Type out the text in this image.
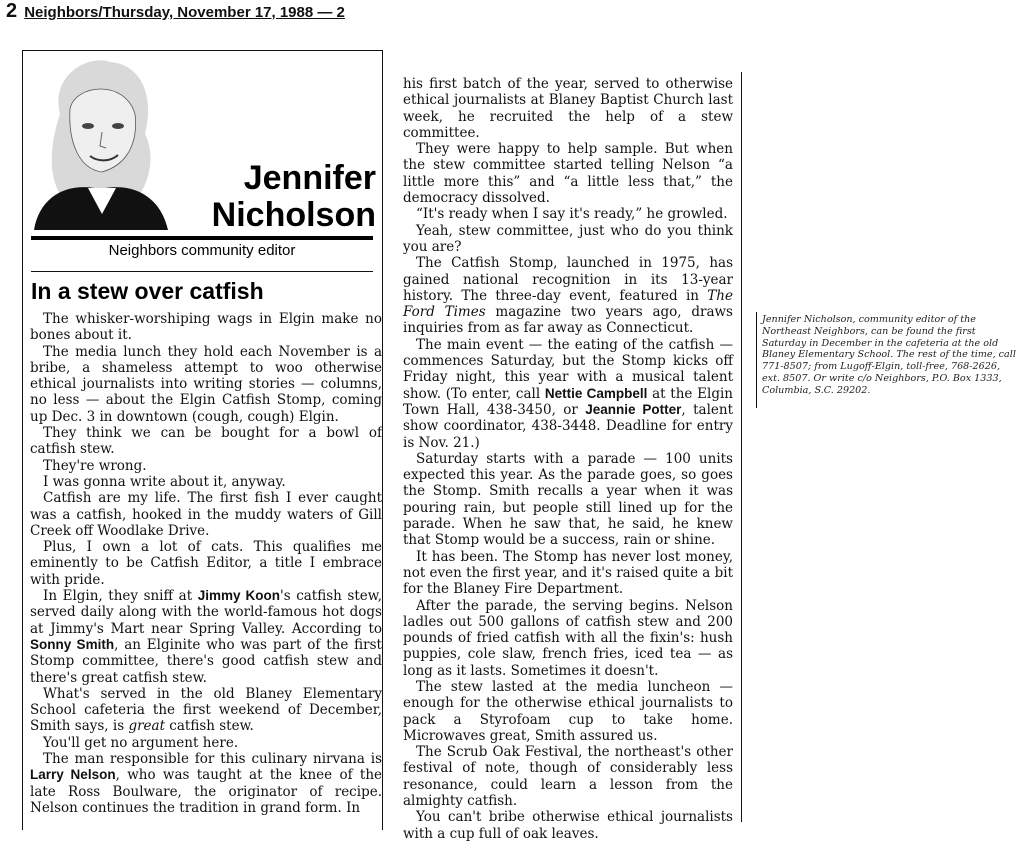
2 Neighbors/Thursday, November 17, 1988 — 2
Jennifer
Nicholson
Neighbors community editor
In a stew over catfish

The whisker-worshiping wags in Elgin make no bones about it.

The media lunch they hold each November is a bribe, a shameless attempt to woo otherwise ethical journalists into writing stories — columns, no less — about the Elgin Catfish Stomp, coming up Dec. 3 in downtown (cough, cough) Elgin.

They think we can be bought for a bowl of catfish stew.

They're wrong.

I was gonna write about it, anyway.

Catfish are my life. The first fish I ever caught was a catfish, hooked in the muddy waters of Gill Creek off Woodlake Drive.

Plus, I own a lot of cats. This qualifies me eminently to be Catfish Editor, a title I embrace with pride.

In Elgin, they sniff at Jimmy Koon's catfish stew, served daily along with the world-famous hot dogs at Jimmy's Mart near Spring Valley. According to Sonny Smith, an Elginite who was part of the first Stomp committee, there's good catfish stew and there's great catfish stew.

What's served in the old Blaney Elementary School cafeteria the first weekend of December, Smith says, is great catfish stew.

You'll get no argument here.

The man responsible for this culinary nirvana is Larry Nelson, who was taught at the knee of the late Ross Boulware, the originator of recipe. Nelson continues the tradition in grand form. In

his first batch of the year, served to otherwise ethical journalists at Blaney Baptist Church last week, he recruited the help of a stew committee.

They were happy to help sample. But when the stew committee started telling Nelson “a little more this” and “a little less that,” the democracy dissolved.

“It's ready when I say it's ready,” he growled.

Yeah, stew committee, just who do you think you are?

The Catfish Stomp, launched in 1975, has gained national recognition in its 13-year history. The three-day event, featured in The Ford Times magazine two years ago, draws inquiries from as far away as Connecticut.

The main event — the eating of the catfish — commences Saturday, but the Stomp kicks off Friday night, this year with a musical talent show. (To enter, call Nettie Campbell at the Elgin Town Hall, 438-3450, or Jeannie Potter, talent show coordinator, 438-3448. Deadline for entry is Nov. 21.)

Saturday starts with a parade — 100 units expected this year. As the parade goes, so goes the Stomp. Smith recalls a year when it was pouring rain, but people still lined up for the parade. When he saw that, he said, he knew that Stomp would be a success, rain or shine.

It has been. The Stomp has never lost money, not even the first year, and it's raised quite a bit for the Blaney Fire Department.

After the parade, the serving begins. Nelson ladles out 500 gallons of catfish stew and 200 pounds of fried catfish with all the fixin's: hush puppies, cole slaw, french fries, iced tea — as long as it lasts. Sometimes it doesn't.

The stew lasted at the media luncheon — enough for the otherwise ethical journalists to pack a Styrofoam cup to take home. Microwaves great, Smith assured us.

The Scrub Oak Festival, the northeast's other festival of note, though of considerably less resonance, could learn a lesson from the almighty catfish.

You can't bribe otherwise ethical journalists with a cup full of oak leaves.

Jennifer Nicholson, community editor of the Northeast Neighbors, can be found the first Saturday in December in the cafeteria at the old Blaney Elementary School. The rest of the time, call 771-8507; from Lugoff-Elgin, toll-free, 768-2626, ext. 8507. Or write c/o Neighbors, P.O. Box 1333, Columbia, S.C. 29202.
